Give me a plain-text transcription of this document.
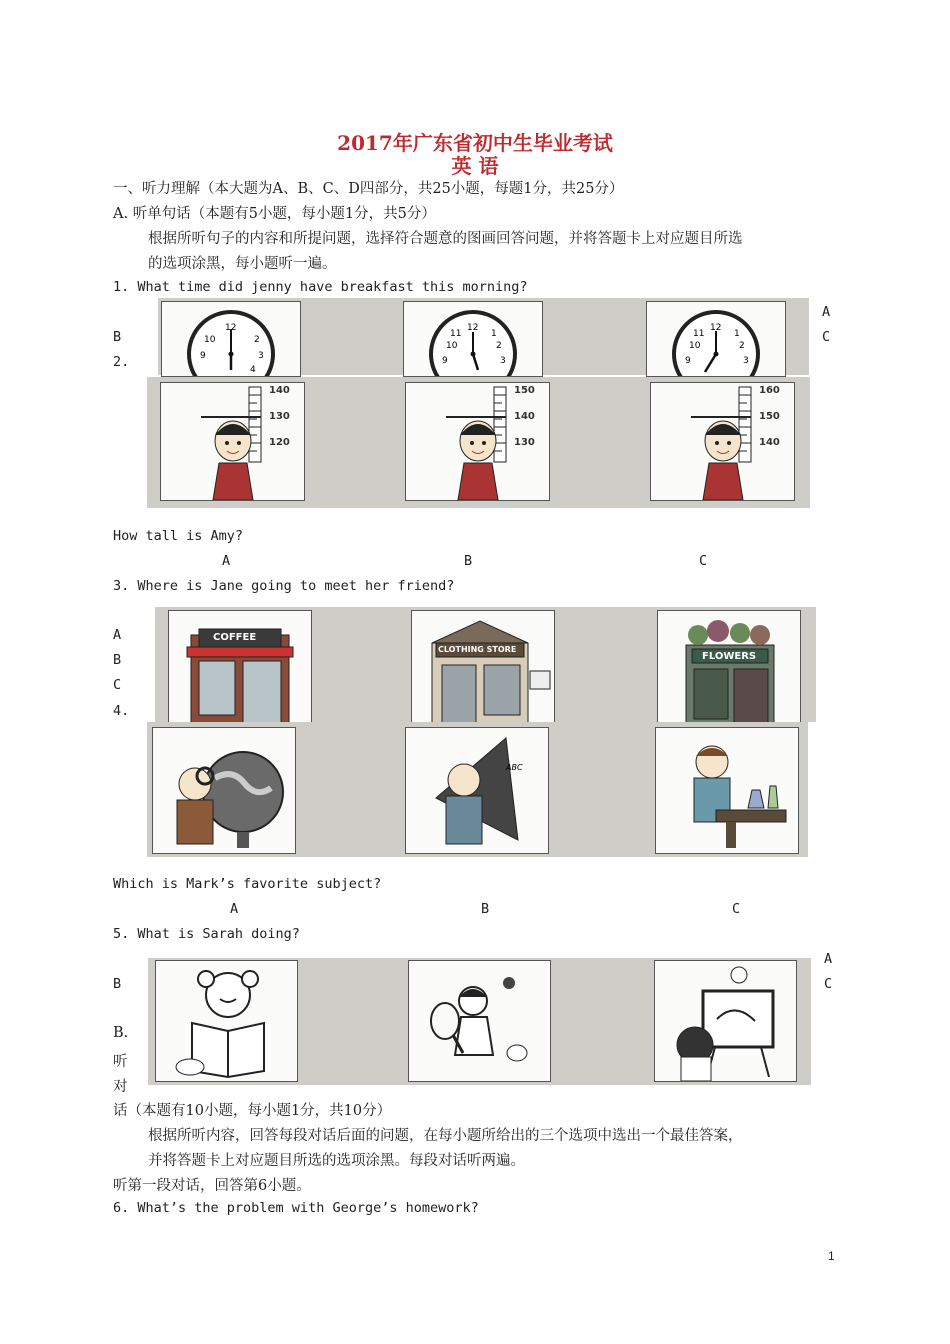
2017年广东省初中生毕业考试
英 语
一、听力理解（本大题为A、B、C、D四部分，共25小题，每题1分，共25分）
A. 听单句话（本题有5小题，每小题1分，共5分）
根据所听句子的内容和所提问题，选择符合题意的图画回答问题，并将答题卡上对应题目所选
的选项涂黑，每小题听一遍。
1. What time did jenny have breakfast this morning?
A
B	C
2.
12
10	2
9	3
4
12
11	1
10	2
9	3
12
11	1
10	2
9	3
140
130
120
150
140
130
160
150
140
How tall is Amy?
A	B	C
3. Where is Jane going to meet her friend?
A
B
C
4.
COFFEE
CLOTHING STORE
FLOWERS
ABC
Which is Mark’s favorite subject?
A	B	C
5. What is Sarah doing?
A
B	C
B.
听
对
话（本题有10小题，每小题1分，共10分）
根据所听内容，回答每段对话后面的问题，在每小题所给出的三个选项中选出一个最佳答案，
并将答题卡上对应题目所选的选项涂黑。每段对话听两遍。
听第一段对话，回答第6小题。
6. What’s the problem with George’s homework?
1
